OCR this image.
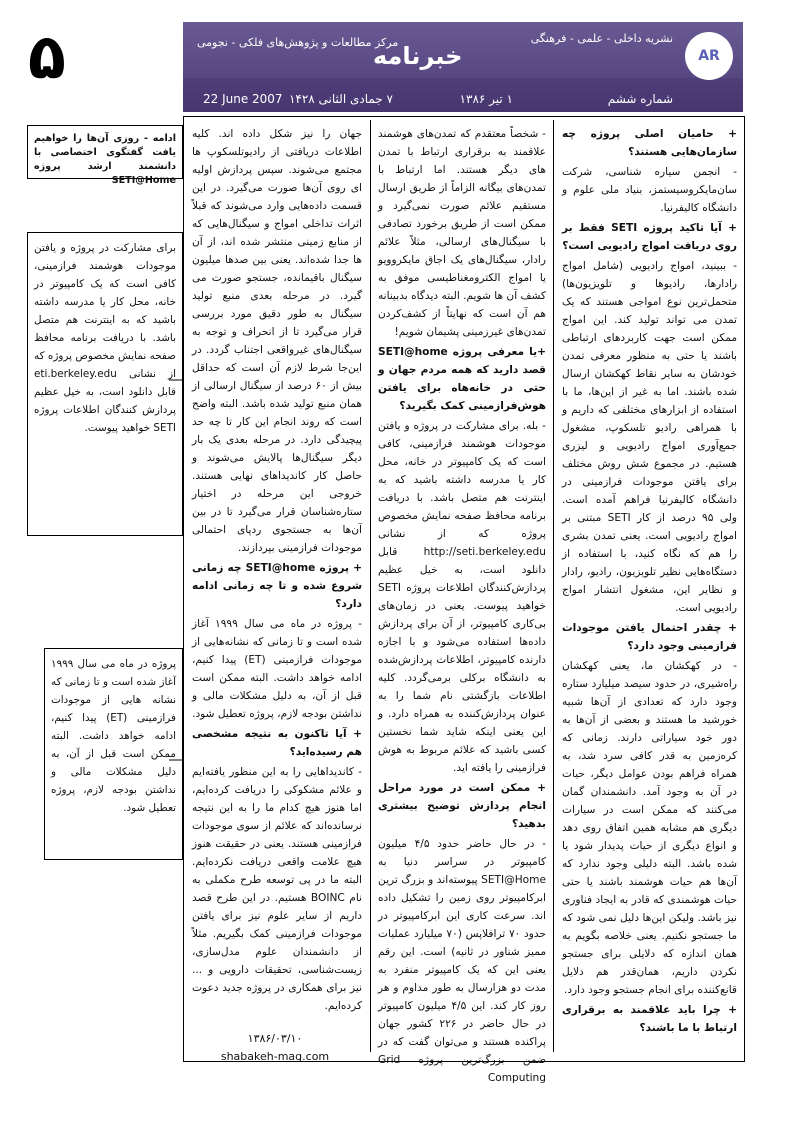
۵	AR
نشریه داخلی - علمی - فرهنگی
خبرنامه
مرکز مطالعات و پژوهش‌های فلکی - نجومی
شماره ششم
۱ تیر ۱۳۸۶
۷ جمادی الثانی ۱۴۲۸
22 June 2007
ادامه - روزی آن‌ها را خواهیم یافت گفتگوی اختصاصی با دانشمند ارشد پروژه SETI@Home
برای مشارکت در پروژه و یافتن موجودات هوشمند فرازمینی، کافی است که یک کامپیوتر در خانه، محل کار یا مدرسه داشته باشید که به اینترنت هم متصل باشد. با دریافت برنامه محافظ صفحه نمایش مخصوص پروژه که از نشانی eti.berkeley.edu قابل دانلود است، به خیل عظیم پردازش کنندگان اطلاعات پروژه SETI خواهید پیوست.
پروژه در ماه می سال ۱۹۹۹ آغاز شده است و تا زمانی که نشانه هایی از موجودات فرازمینی (ET) پیدا کنیم، ادامه خواهد داشت. البته ممکن است قبل از آن، به دلیل مشکلات مالی و نداشتن بودجه لازم، پروژه تعطیل شود.

+ حامیان اصلی پروژه چه سازمان‌هایی هستند؟

- انجمن سیاره شناسی، شرکت سان‌مایکروسیستمز، بنیاد ملی علوم و دانشگاه کالیفرنیا.

+ آیا تاکید پروژه SETI فقط بر روی دریافت امواج رادیویی است؟

- ببینید، امواج رادیویی (شامل امواج رادارها، رادیوها و تلویزیون‌ها) متحمل‌ترین نوع امواجی هستند که یک تمدن می تواند تولید کند. این امواج ممکن است جهت کاربردهای ارتباطی باشند یا حتی به منظور معرفی تمدن خودشان به سایر نقاط کهکشان ارسال شده باشند. اما به غیر از این‌ها، ما با استفاده از ابزارهای مختلفی که داریم و با همراهی رادیو تلسکوپ، مشغول جمع‌آوری امواج رادیویی و لیزری هستیم. در مجموع شش روش مختلف برای یافتن موجودات فرازمینی در دانشگاه کالیفرنیا فراهم آمده است. ولی ۹۵ درصد از کار SETI مبتنی بر امواج رادیویی است. یعنی تمدن بشری را هم که نگاه کنید، با استفاده از دستگاه‌هایی نظیر تلویزیون، رادیو، رادار و نظایر این، مشغول انتشار امواج رادیویی است.

+ چقدر احتمال یافتن موجودات فرازمینی وجود دارد؟

- در کهکشان ما، یعنی کهکشان راه‌شیری، در حدود سیصد میلیارد ستاره وجود دارد که تعدادی از آن‌ها شبیه خورشید ما هستند و بعضی از آن‌ها به دور خود سیاراتی دارند. زمانی که کره‌زمین به قدر کافی سرد شد، به همراه فراهم بودن عوامل دیگر، حیات در آن به وجود آمد. دانشمندان گمان می‌کنند که ممکن است در سیارات دیگری هم مشابه همین اتفاق روی دهد و انواع دیگری از حیات پدیدار شود یا شده باشد. البته دلیلی وجود ندارد که آن‌ها هم حیات هوشمند باشند یا حتی حیات هوشمندی که قادر به ایجاد فناوری نیز باشد. ولیکن این‌ها دلیل نمی شود که ما جستجو نکنیم. یعنی خلاصه بگویم به همان اندازه که دلایلی برای جستجو نکردن داریم، همان‌قدر هم دلایل قانع‌کننده برای انجام جستجو وجود دارد.

+ چرا باید علاقمند به برقراری ارتباط با ما باشند؟

- شخصاً معتقدم که تمدن‌های هوشمند علاقمند به برقراری ارتباط با تمدن های دیگر هستند. اما ارتباط با تمدن‌های بیگانه الزاماً از طریق ارسال مستقیم علائم صورت نمی‌گیرد و ممکن است از طریق برخورد تصادفی با سیگنال‌های ارسالی، مثلاً علائم رادار، سیگنال‌های یک اجاق مایکروویو یا امواج الکترومغناطیسی موفق به کشف آن ها شویم. البته دیدگاه بدبینانه هم آن است که نهایتاً از کشف‌کردن تمدن‌های غیرزمینی پشیمان شویم!

+یا معرفی پروژه SETI@home قصد دارید که همه مردم جهان و حتی در خانه‌هاه برای یافتن هوش‌فرازمینی کمک بگیرید؟

- بله. برای مشارکت در پروژه و یافتن موجودات هوشمند فرازمینی، کافی است که یک کامپیوتر در خانه، محل کار یا مدرسه داشته باشید که به اینترنت هم متصل باشد. با دریافت برنامه محافظ صفحه نمایش مخصوص پروژه که از نشانی http://seti.berkeley.edu قابل دانلود است، به خیل عظیم پردازش‌کنندگان اطلاعات پروژه SETI خواهید پیوست. یعنی در زمان‌های بی‌کاری کامپیوتر، از آن برای پردازش داده‌ها استفاده می‌شود و با اجازه دارنده کامپیوتر، اطلاعات پردازش‌شده به دانشگاه برکلی برمی‌گردد. کلیه اطلاعات بازگشتی نام شما را به عنوان پردازش‌کننده به همراه دارد. و این یعنی اینکه شاید شما نخستین کسی باشید که علائم مربوط به هوش فرازمینی را یافته اید.

+ ممکن است در مورد مراحل انجام پردازش توضیح بیشتری بدهید؟

- در حال حاضر حدود ۴/۵ میلیون کامپیوتر در سراسر دنیا به SETI@Home پیوسته‌اند و بزرگ ترین ابرکامپیوتر روی زمین را تشکیل داده اند. سرعت کاری این ابرکامپیوتر در حدود ۷۰ ترافلاپس (۷۰ میلیارد عملیات ممیز شناور در ثانیه) است. این رقم یعنی این که یک کامپیوتر منفرد به مدت دو هزارسال به طور مداوم و هر روز کار کند. این ۴/۵ میلیون کامپیوتر در حال حاضر در ۲۲۶ کشور جهان پراکنده هستند و می‌توان گفت که در ضمن بزرگ‌ترین پروژه Grid Computing

جهان را نیز شکل داده اند. کلیه اطلاعات دریافتی از رادیوتلسکوپ ها مجتمع می‌شوند. سپس پردازش اولیه ای روی آن‌ها صورت می‌گیرد. در این قسمت داده‌هایی وارد می‌شوند که قبلاً اثرات تداخلی امواج و سیگنال‌هایی که از منابع زمینی منتشر شده اند، از آن ها جدا شده‌اند. یعنی بین صدها میلیون سیگنال باقیمانده، جستجو صورت می گیرد. در مرحله بعدی منبع تولید سیگنال به طور دقیق مورد بررسی قرار می‌گیرد تا از انحراف و توجه به سیگنال‌های غیرواقعی اجتناب گردد. در این‌جا شرط لازم آن است که حداقل بیش از ۶۰ درصد از سیگنال ارسالی از همان منبع تولید شده باشد. البته واضح است که روند انجام این کار تا چه حد پیچیدگی دارد. در مرحله بعدی یک بار دیگر سیگنال‌ها پالایش می‌شوند و حاصل کار کاندیداهای نهایی هستند. خروجی این مرحله در اختیار ستاره‌شناسان قرار می‌گیرد تا در بین آن‌ها به جستجوی ردپای احتمالی موجودات فرازمینی بپردازند.

+ پروژه SETI@home چه زمانی شروع شده و تا چه زمانی ادامه دارد؟

- پروژه در ماه می سال ۱۹۹۹ آغاز شده است و تا زمانی که نشانه‌هایی از موجودات فرازمینی (ET) پیدا کنیم، ادامه خواهد داشت. البته ممکن است قبل از آن، به دلیل مشکلات مالی و نداشتن بودجه لازم، پروژه تعطیل شود.

+ آیا تاکنون به نتیجه مشخصی هم رسیده‌اید؟

- کاندیداهایی را به این منظور یافته‌ایم و علائم مشکوکی را دریافت کرده‌ایم، اما هنوز هیچ کدام ما را به این نتیجه نرسانده‌اند که علائم از سوی موجودات فرازمینی هستند. یعنی در حقیقت هنوز هیچ علامت واقعی دریافت نکرده‌ایم. البته ما در پی توسعه طرح مکملی به نام BOINC هستیم. در این طرح قصد داریم از سایر علوم نیز برای یافتن موجودات فرازمینی کمک بگیریم. مثلاً از دانشمندان علوم مدل‌سازی، زیست‌شناسی، تحقیقات دارویی و ... نیز برای همکاری در پروژه جدید دعوت کرده‌ایم.

۱۳۸۶/۰۳/۱۰
shabakeh-mag.com
